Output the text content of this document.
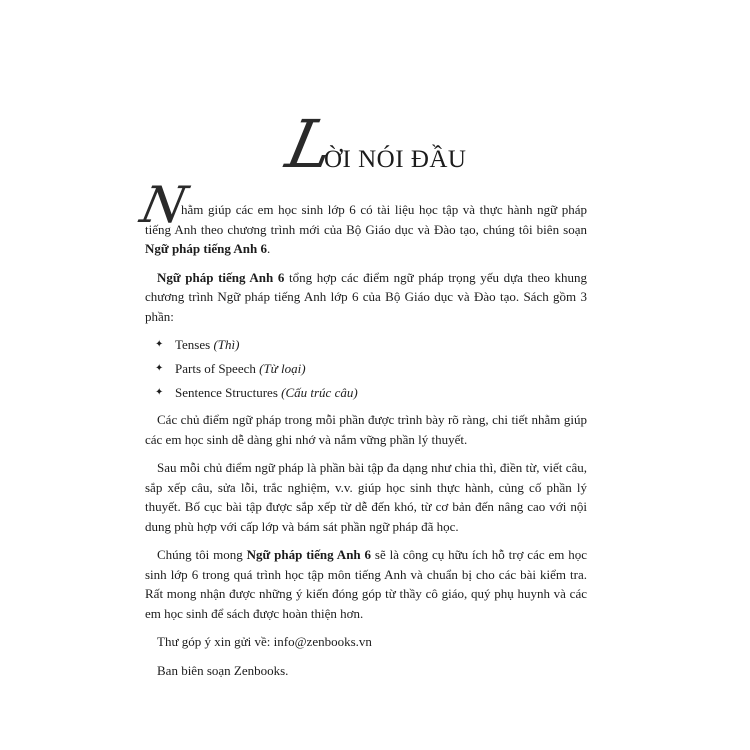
L
ỜI NÓI ĐẦU

N
hằm giúp các em học sinh lớp 6 có tài liệu học tập và thực hành ngữ pháp tiếng Anh theo chương trình mới của Bộ Giáo dục và Đào tạo, chúng tôi biên soạn Ngữ pháp tiếng Anh 6.

Ngữ pháp tiếng Anh 6 tổng hợp các điểm ngữ pháp trọng yếu dựa theo khung chương trình Ngữ pháp tiếng Anh lớp 6 của Bộ Giáo dục và Đào tạo. Sách gồm 3 phần:

✦ Tenses (Thì)
✦ Parts of Speech (Từ loại)
✦ Sentence Structures (Cấu trúc câu)

Các chủ điểm ngữ pháp trong mỗi phần được trình bày rõ ràng, chi tiết nhằm giúp các em học sinh dễ dàng ghi nhớ và nắm vững phần lý thuyết.

Sau mỗi chủ điểm ngữ pháp là phần bài tập đa dạng như chia thì, điền từ, viết câu, sắp xếp câu, sửa lỗi, trắc nghiệm, v.v. giúp học sinh thực hành, củng cố phần lý thuyết. Bố cục bài tập được sắp xếp từ dễ đến khó, từ cơ bản đến nâng cao với nội dung phù hợp với cấp lớp và bám sát phần ngữ pháp đã học.

Chúng tôi mong Ngữ pháp tiếng Anh 6 sẽ là công cụ hữu ích hỗ trợ các em học sinh lớp 6 trong quá trình học tập môn tiếng Anh và chuẩn bị cho các bài kiểm tra. Rất mong nhận được những ý kiến đóng góp từ thầy cô giáo, quý phụ huynh và các em học sinh để sách được hoàn thiện hơn.

Thư góp ý xin gửi về: info@zenbooks.vn

Ban biên soạn Zenbooks.
